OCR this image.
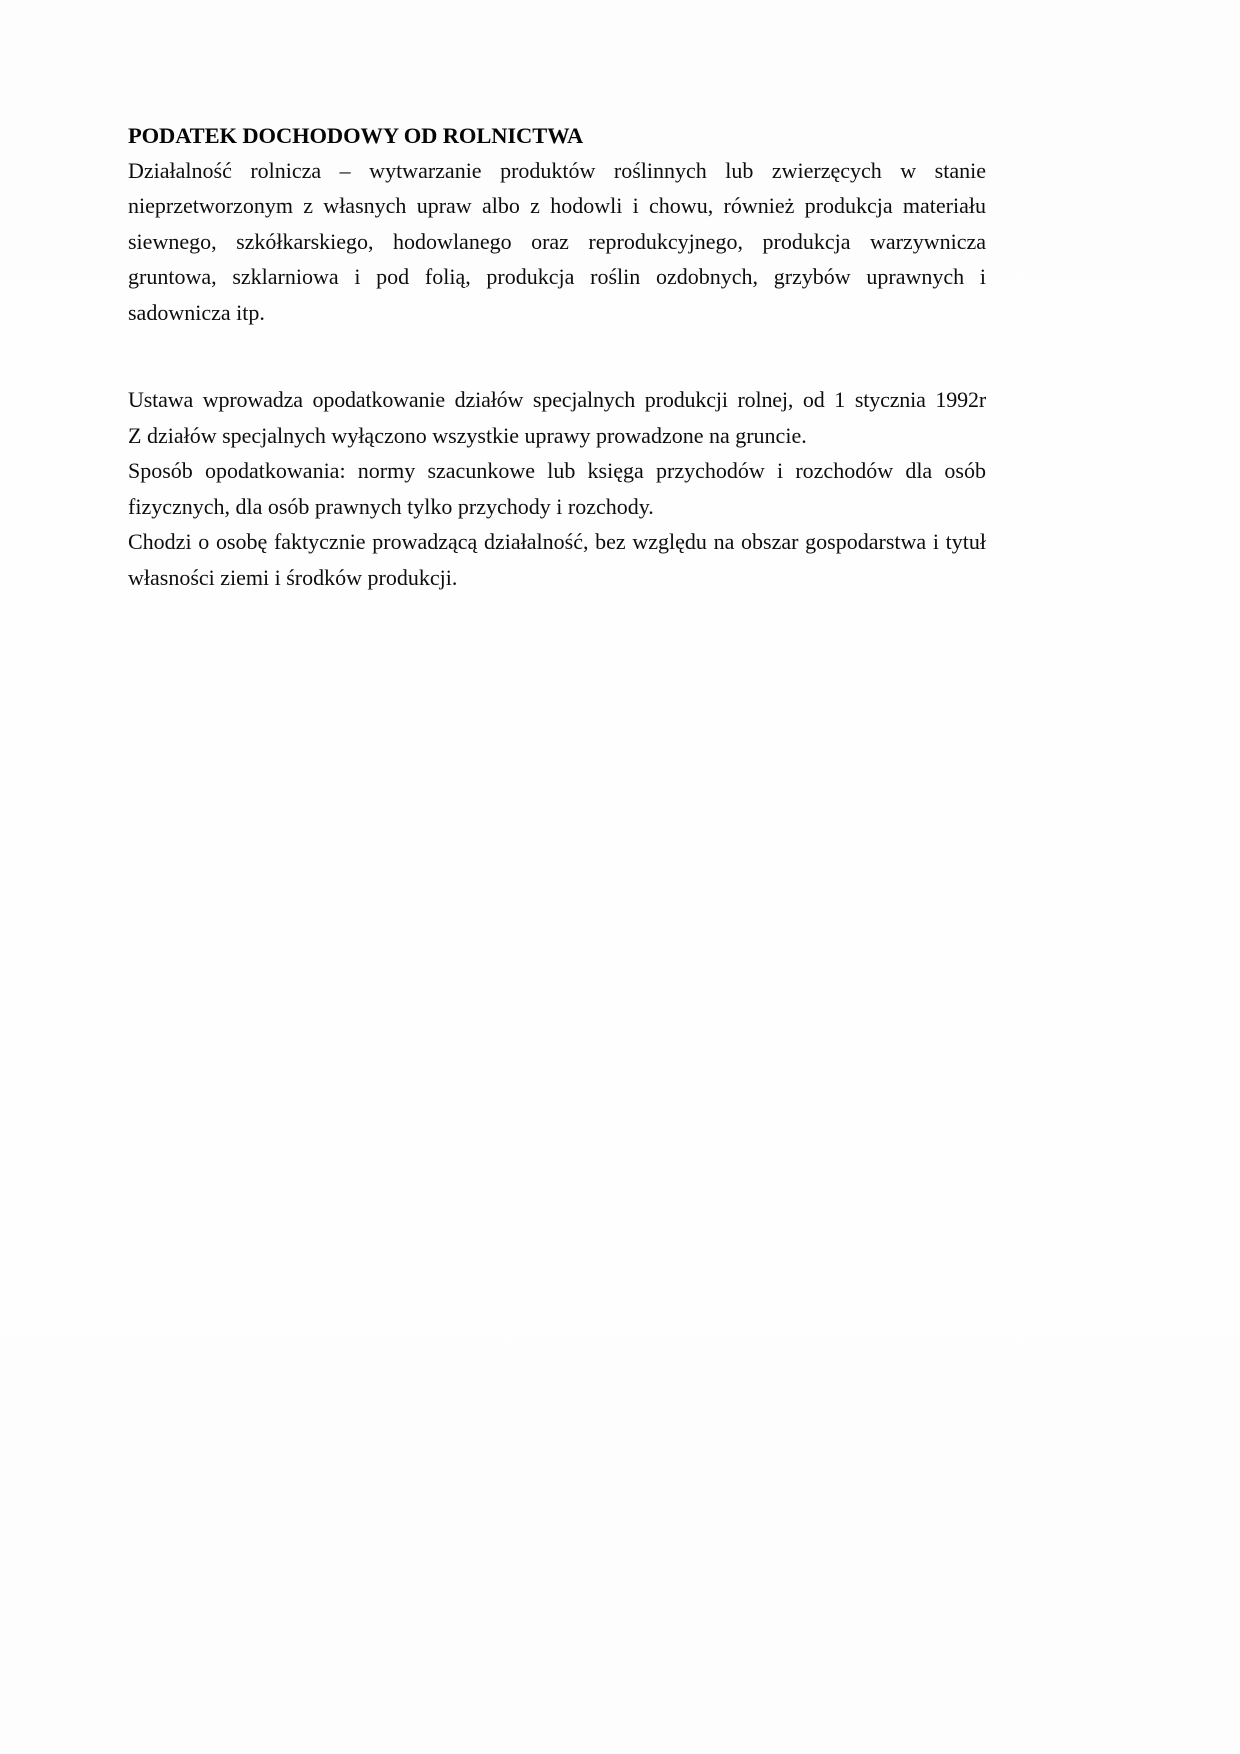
PODATEK DOCHODOWY OD ROLNICTWA

Działalność rolnicza – wytwarzanie produktów roślinnych lub zwierzęcych w stanie nieprzetworzonym z własnych upraw albo z hodowli i chowu, również produkcja materiału siewnego, szkółkarskiego, hodowlanego oraz reprodukcyjnego, produkcja warzywnicza gruntowa, szklarniowa i pod folią, produkcja roślin ozdobnych, grzybów uprawnych i sadownicza itp.

Ustawa wprowadza opodatkowanie działów specjalnych produkcji rolnej, od 1 stycznia 1992r

Z działów specjalnych wyłączono wszystkie uprawy prowadzone na gruncie.

Sposób opodatkowania: normy szacunkowe lub księga przychodów i rozchodów dla osób fizycznych, dla osób prawnych tylko przychody i rozchody.

Chodzi o osobę faktycznie prowadzącą działalność, bez względu na obszar gospodarstwa i tytuł własności ziemi i środków produkcji.
